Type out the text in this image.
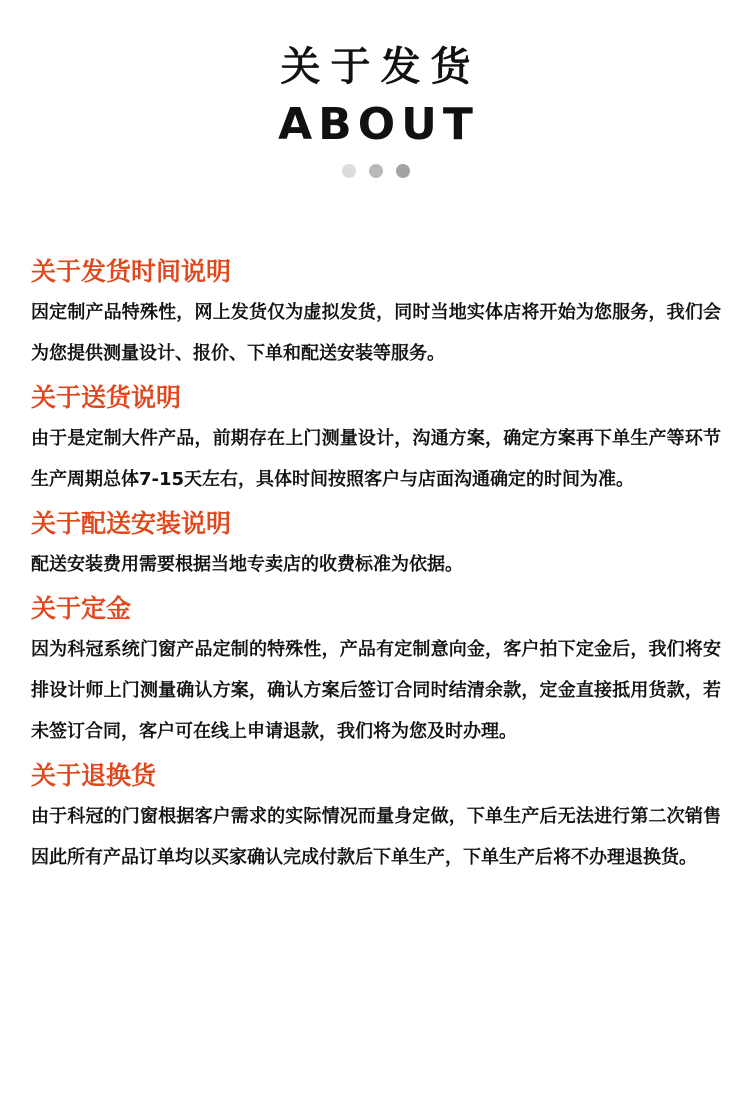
关于发货
ABOUT
关于发货时间说明

因定制产品特殊性，网上发货仅为虚拟发货，同时当地实体店将开始为您服务，我们会为您提供测量设计、报价、下单和配送安装等服务。

关于送货说明

由于是定制大件产品，前期存在上门测量设计，沟通方案，确定方案再下单生产等环节生产周期总体7-15天左右，具体时间按照客户与店面沟通确定的时间为准。

关于配送安装说明

配送安装费用需要根据当地专卖店的收费标准为依据。

关于定金

因为科冠系统门窗产品定制的特殊性，产品有定制意向金，客户拍下定金后，我们将安排设计师上门测量确认方案，确认方案后签订合同时结清余款，定金直接抵用货款，若未签订合同，客户可在线上申请退款，我们将为您及时办理。

关于退换货

由于科冠的门窗根据客户需求的实际情况而量身定做，下单生产后无法进行第二次销售因此所有产品订单均以买家确认完成付款后下单生产，下单生产后将不办理退换货。
